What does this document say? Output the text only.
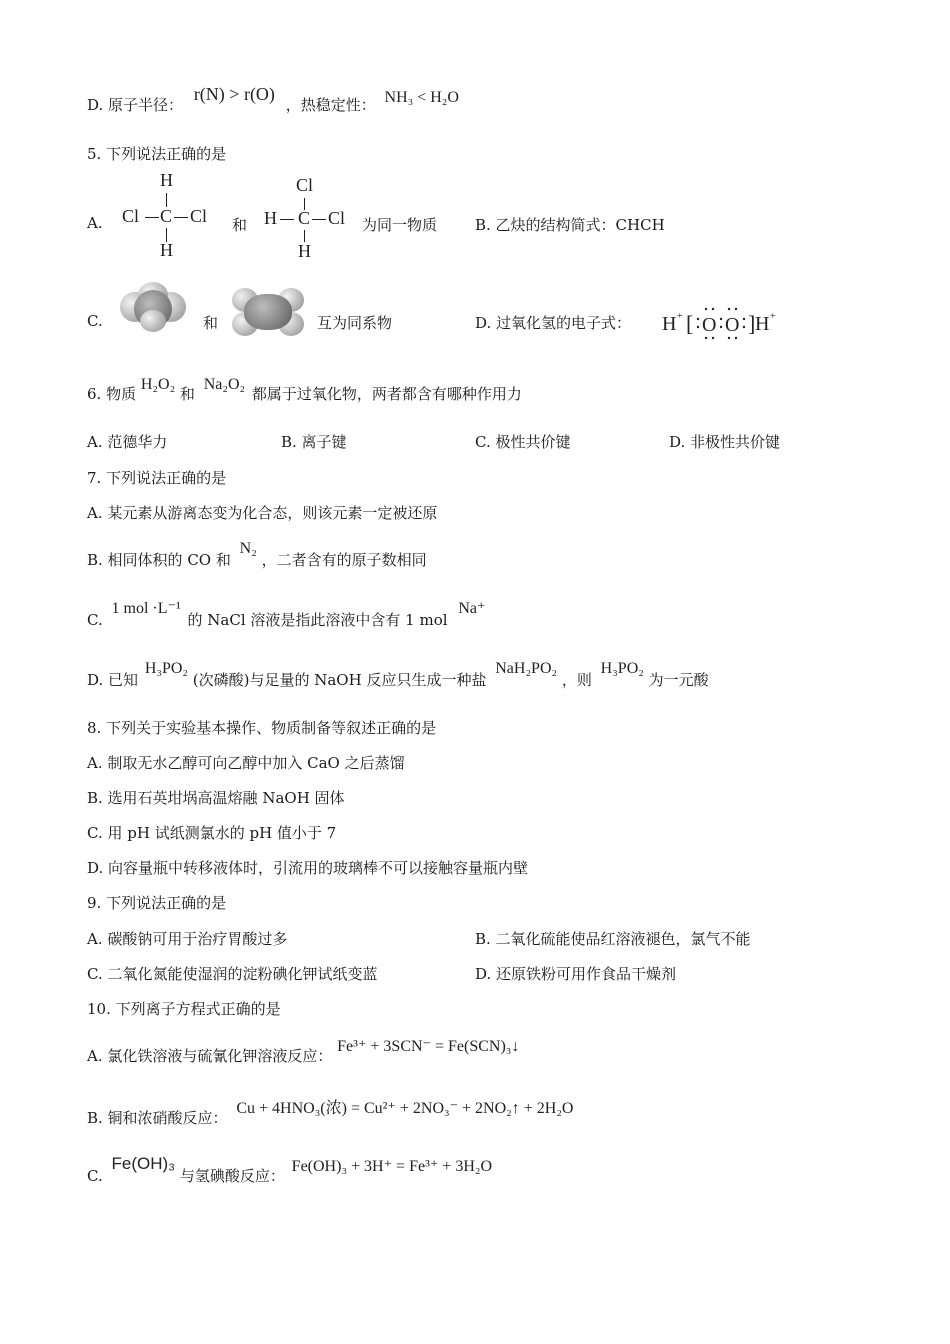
D. 原子半径： r(N) > r(O) ，热稳定性： NH₃ < H₂O
5. 下列说法正确的是
A.
H
Cl C Cl
H
和
Cl
H C Cl
H
为同一物质	B. 乙炔的结构简式：CHCH
C.	和	互为同系物	D. 过氧化氢的电子式： H + [ O O ] H +
6. 物质 H₂O₂ 和 Na₂O₂ 都属于过氧化物，两者都含有哪种作用力
A. 范德华力	B. 离子键	C. 极性共价键	D. 非极性共价键
7. 下列说法正确的是
A. 某元素从游离态变为化合态，则该元素一定被还原
B. 相同体积的 CO 和 N₂ ，二者含有的原子数相同
C. 1 mol ·L⁻¹ 的 NaCl 溶液是指此溶液中含有 1 mol Na⁺
D. 已知 H₃PO₂ (次磷酸)与足量的 NaOH 反应只生成一种盐 NaH₂PO₂ ，则 H₃PO₂ 为一元酸
8. 下列关于实验基本操作、物质制备等叙述正确的是
A. 制取无水乙醇可向乙醇中加入 CaO 之后蒸馏
B. 选用石英坩埚高温熔融 NaOH 固体
C. 用 pH 试纸测氯水的 pH 值小于 7
D. 向容量瓶中转移液体时，引流用的玻璃棒不可以接触容量瓶内壁
9. 下列说法正确的是
A. 碳酸钠可用于治疗胃酸过多	B. 二氧化硫能使品红溶液褪色，氯气不能
C. 二氧化氮能使湿润的淀粉碘化钾试纸变蓝	D. 还原铁粉可用作食品干燥剂
10. 下列离子方程式正确的是
A. 氯化铁溶液与硫氰化钾溶液反应： Fe³⁺ + 3SCN⁻ = Fe(SCN)₃↓
B. 铜和浓硝酸反应： Cu + 4HNO₃(浓) = Cu²⁺ + 2NO₃⁻ + 2NO₂↑ + 2H₂O
C. Fe(OH)₃ 与氢碘酸反应： Fe(OH)₃ + 3H⁺ = Fe³⁺ + 3H₂O
